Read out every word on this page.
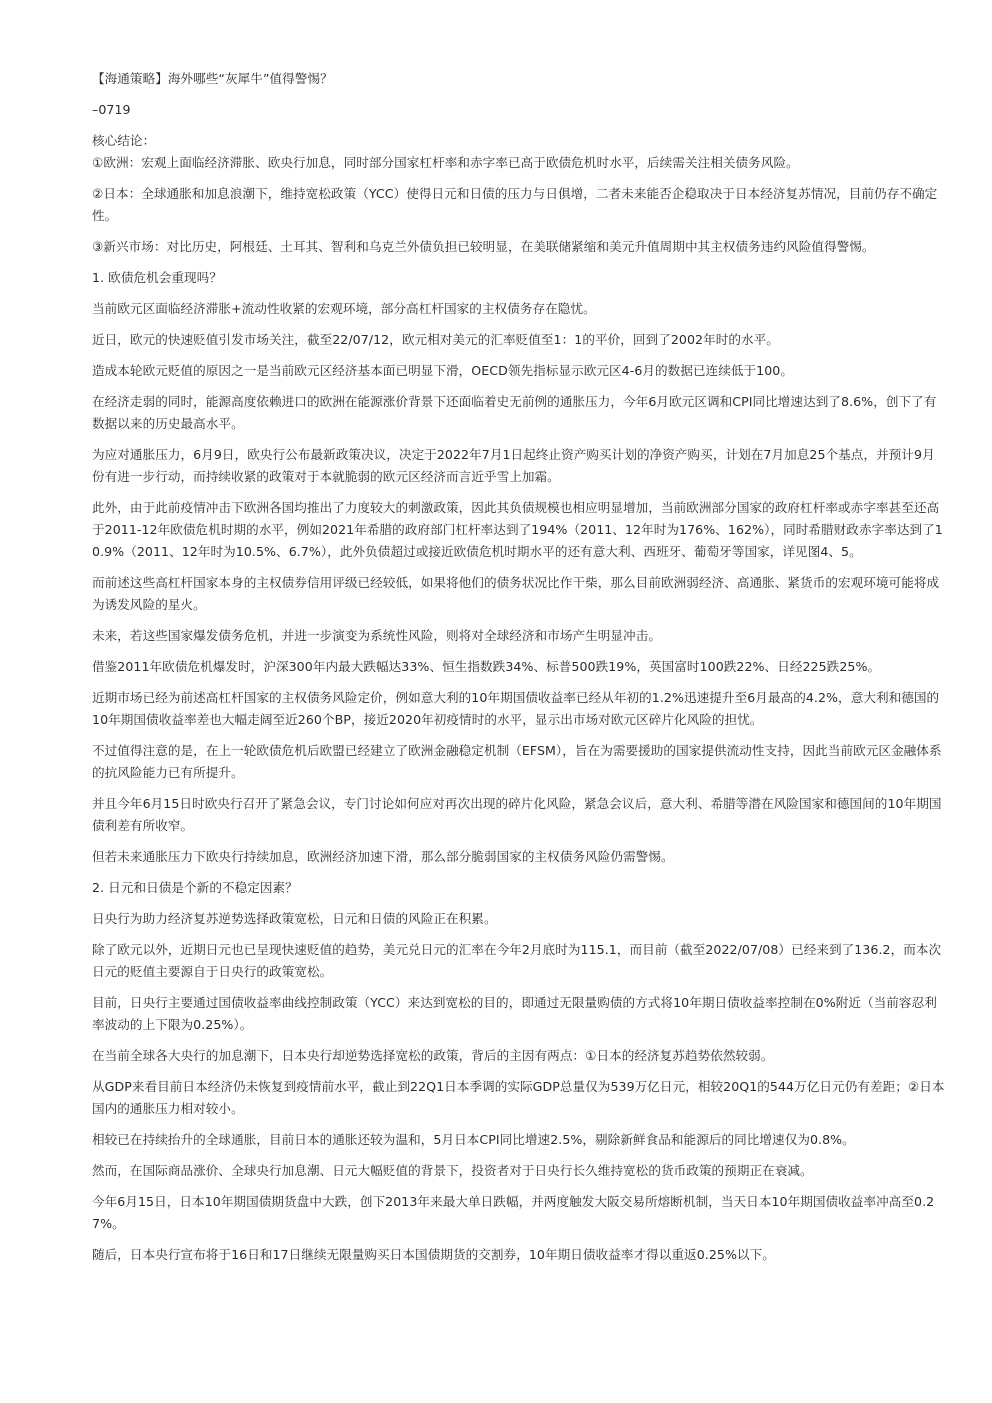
【海通策略】海外哪些“灰犀牛”值得警惕？

–0719

核心结论：

①欧洲：宏观上面临经济滞胀、欧央行加息，同时部分国家杠杆率和赤字率已高于欧债危机时水平，后续需关注相关债务风险。

②日本：全球通胀和加息浪潮下，维持宽松政策（YCC）使得日元和日债的压力与日俱增，二者未来能否企稳取决于日本经济复苏情况，目前仍存不确定性。

③新兴市场：对比历史，阿根廷、土耳其、智利和乌克兰外债负担已较明显，在美联储紧缩和美元升值周期中其主权债务违约风险值得警惕。

1. 欧债危机会重现吗？

当前欧元区面临经济滞胀+流动性收紧的宏观环境，部分高杠杆国家的主权债务存在隐忧。

近日，欧元的快速贬值引发市场关注，截至22/07/12，欧元相对美元的汇率贬值至1：1的平价，回到了2002年时的水平。

造成本轮欧元贬值的原因之一是当前欧元区经济基本面已明显下滑，OECD领先指标显示欧元区4-6月的数据已连续低于100。

在经济走弱的同时，能源高度依赖进口的欧洲在能源涨价背景下还面临着史无前例的通胀压力，今年6月欧元区调和CPI同比增速达到了8.6%，创下了有数据以来的历史最高水平。

为应对通胀压力，6月9日，欧央行公布最新政策决议，决定于2022年7月1日起终止资产购买计划的净资产购买，计划在7月加息25个基点，并预计9月份有进一步行动，而持续收紧的政策对于本就脆弱的欧元区经济而言近乎雪上加霜。

此外，由于此前疫情冲击下欧洲各国均推出了力度较大的刺激政策，因此其负债规模也相应明显增加，当前欧洲部分国家的政府杠杆率或赤字率甚至还高于2011-12年欧债危机时期的水平，例如2021年希腊的政府部门杠杆率达到了194%（2011、12年时为176%、162%），同时希腊财政赤字率达到了10.9%（2011、12年时为10.5%、6.7%），此外负债超过或接近欧债危机时期水平的还有意大利、西班牙、葡萄牙等国家，详见图4、5。

而前述这些高杠杆国家本身的主权债券信用评级已经较低，如果将他们的债务状况比作干柴，那么目前欧洲弱经济、高通胀、紧货币的宏观环境可能将成为诱发风险的星火。

未来，若这些国家爆发债务危机，并进一步演变为系统性风险，则将对全球经济和市场产生明显冲击。

借鉴2011年欧债危机爆发时，沪深300年内最大跌幅达33%、恒生指数跌34%、标普500跌19%，英国富时100跌22%、日经225跌25%。

近期市场已经为前述高杠杆国家的主权债务风险定价，例如意大利的10年期国债收益率已经从年初的1.2%迅速提升至6月最高的4.2%，意大利和德国的10年期国债收益率差也大幅走阔至近260个BP，接近2020年初疫情时的水平，显示出市场对欧元区碎片化风险的担忧。

不过值得注意的是，在上一轮欧债危机后欧盟已经建立了欧洲金融稳定机制（EFSM），旨在为需要援助的国家提供流动性支持，因此当前欧元区金融体系的抗风险能力已有所提升。

并且今年6月15日时欧央行召开了紧急会议，专门讨论如何应对再次出现的碎片化风险，紧急会议后，意大利、希腊等潜在风险国家和德国间的10年期国债利差有所收窄。

但若未来通胀压力下欧央行持续加息，欧洲经济加速下滑，那么部分脆弱国家的主权债务风险仍需警惕。

2. 日元和日债是个新的不稳定因素？

日央行为助力经济复苏逆势选择政策宽松，日元和日债的风险正在积累。

除了欧元以外，近期日元也已呈现快速贬值的趋势，美元兑日元的汇率在今年2月底时为115.1，而目前（截至2022/07/08）已经来到了136.2，而本次日元的贬值主要源自于日央行的政策宽松。

目前，日央行主要通过国债收益率曲线控制政策（YCC）来达到宽松的目的，即通过无限量购债的方式将10年期日债收益率控制在0%附近（当前容忍利率波动的上下限为0.25%）。

在当前全球各大央行的加息潮下，日本央行却逆势选择宽松的政策，背后的主因有两点：①日本的经济复苏趋势依然较弱。

从GDP来看目前日本经济仍未恢复到疫情前水平，截止到22Q1日本季调的实际GDP总量仅为539万亿日元，相较20Q1的544万亿日元仍有差距；②日本国内的通胀压力相对较小。

相较已在持续抬升的全球通胀，目前日本的通胀还较为温和，5月日本CPI同比增速2.5%，剔除新鲜食品和能源后的同比增速仅为0.8%。

然而，在国际商品涨价、全球央行加息潮、日元大幅贬值的背景下，投资者对于日央行长久维持宽松的货币政策的预期正在衰减。

今年6月15日，日本10年期国债期货盘中大跌，创下2013年来最大单日跌幅，并两度触发大阪交易所熔断机制，当天日本10年期国债收益率冲高至0.27%。

随后，日本央行宣布将于16日和17日继续无限量购买日本国债期货的交割券，10年期日债收益率才得以重返0.25%以下。
